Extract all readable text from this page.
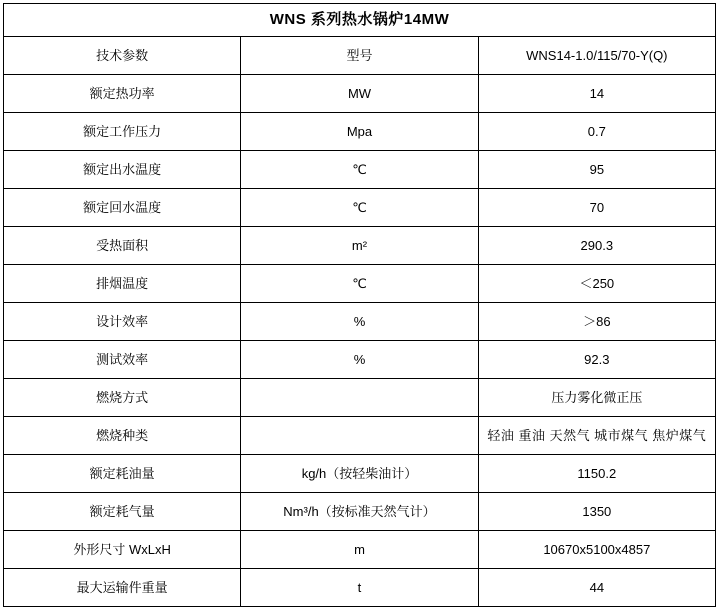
WNS 系列热水锅炉14MW		
技术参数	型号	WNS14-1.0/115/70-Y(Q)
额定热功率	MW	14
额定工作压力	Mpa	0.7
额定出水温度	℃	95
额定回水温度	℃	70
受热面积	m²	290.3
排烟温度	℃	＜250
设计效率	%	＞86
测试效率	%	92.3
燃烧方式		压力雾化微正压
燃烧种类		轻油 重油 天然气 城市煤气 焦炉煤气
额定耗油量	kg/h（按轻柴油计）	1150.2
额定耗气量	Nm³/h（按标准天然气计）	1350
外形尺寸 WxLxH	m	10670x5100x4857
最大运输件重量	t	44
